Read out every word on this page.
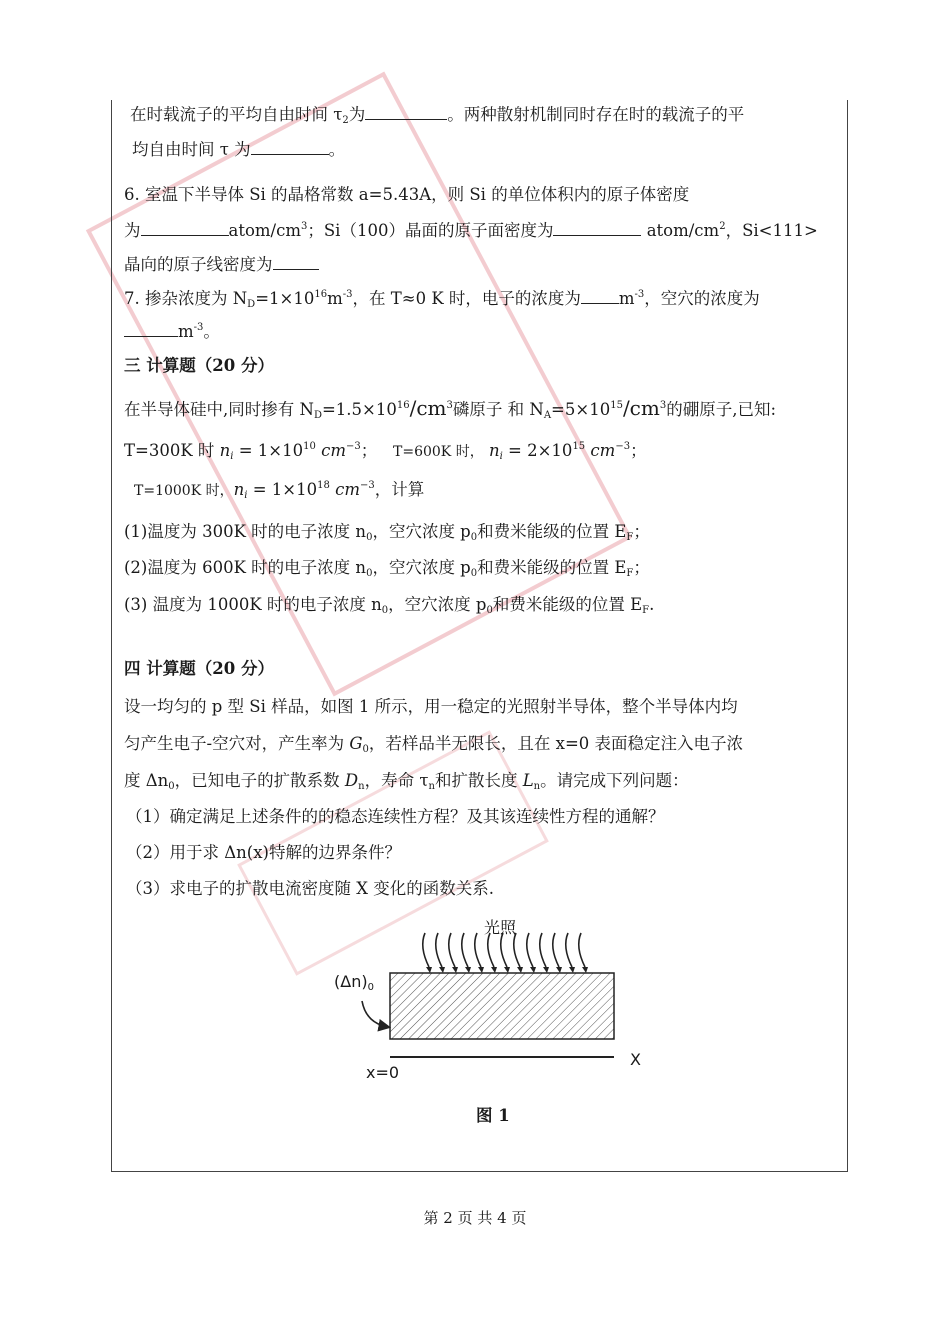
在时载流子的平均自由时间 $\tau_2$为	。两种散射机制同时存在时的载流子的平
均自由时间 τ 为	。
6. 室温下半导体 Si 的晶格常数 a=5.43A，则 Si 的单位体积内的原子体密度
为	atom/$cm^3$；Si（100）晶面的原子面密度为	atom/$cm^2$，Si<111>
晶向的原子线密度为
7. 掺杂浓度为 $N_D=1\times 10^{16}m^{-3}$，在 T≈0 K 时，电子的浓度为 $m^{-3}$，空穴的浓度为
$m^{-3}$。
三 计算题（20 分）
在半导体硅中,同时掺有 $N_D=1.5\times 10^{16}/cm^3$磷原子 和 $N_A=5\times 10^{15}/cm^3$的硼原子,已知:
T=300K 时 $n_i = 1\times 10^{10}$ $cm^{-3}$； T=600K 时， $n_i = 2\times 10^{15}$ $cm^{-3}$；
T=1000K 时，$n_i = 1\times 10^{18}$ $cm^{-3}$，计算
(1)温度为 300K 时的电子浓度 $n_0$，空穴浓度 $p_0$和费米能级的位置 $E_F$；
(2)温度为 600K 时的电子浓度 $n_0$，空穴浓度 $p_0$和费米能级的位置 $E_F$；
(3) 温度为 1000K 时的电子浓度 $n_0$，空穴浓度 $p_0$和费米能级的位置 $E_F$.
四 计算题（20 分）
设一均匀的 p 型 Si 样品，如图 1 所示，用一稳定的光照射半导体，整个半导体内均
匀产生电子-空穴对，产生率为 $G_0$，若样品半无限长，且在 x=0 表面稳定注入电子浓
度 $\Delta n_0$，已知电子的扩散系数 $D_n$，寿命 $\tau_n$和扩散长度 $L_n$。请完成下列问题：
（1）确定满足上述条件的的稳态连续性方程？及其该连续性方程的通解？
（2）用于求 Δn(x)特解的边界条件？
（3）求电子的扩散电流密度随 X 变化的函数关系.
光照
$(\Delta n)_0$
x=0
X
图 1
第 2 页 共 4 页
